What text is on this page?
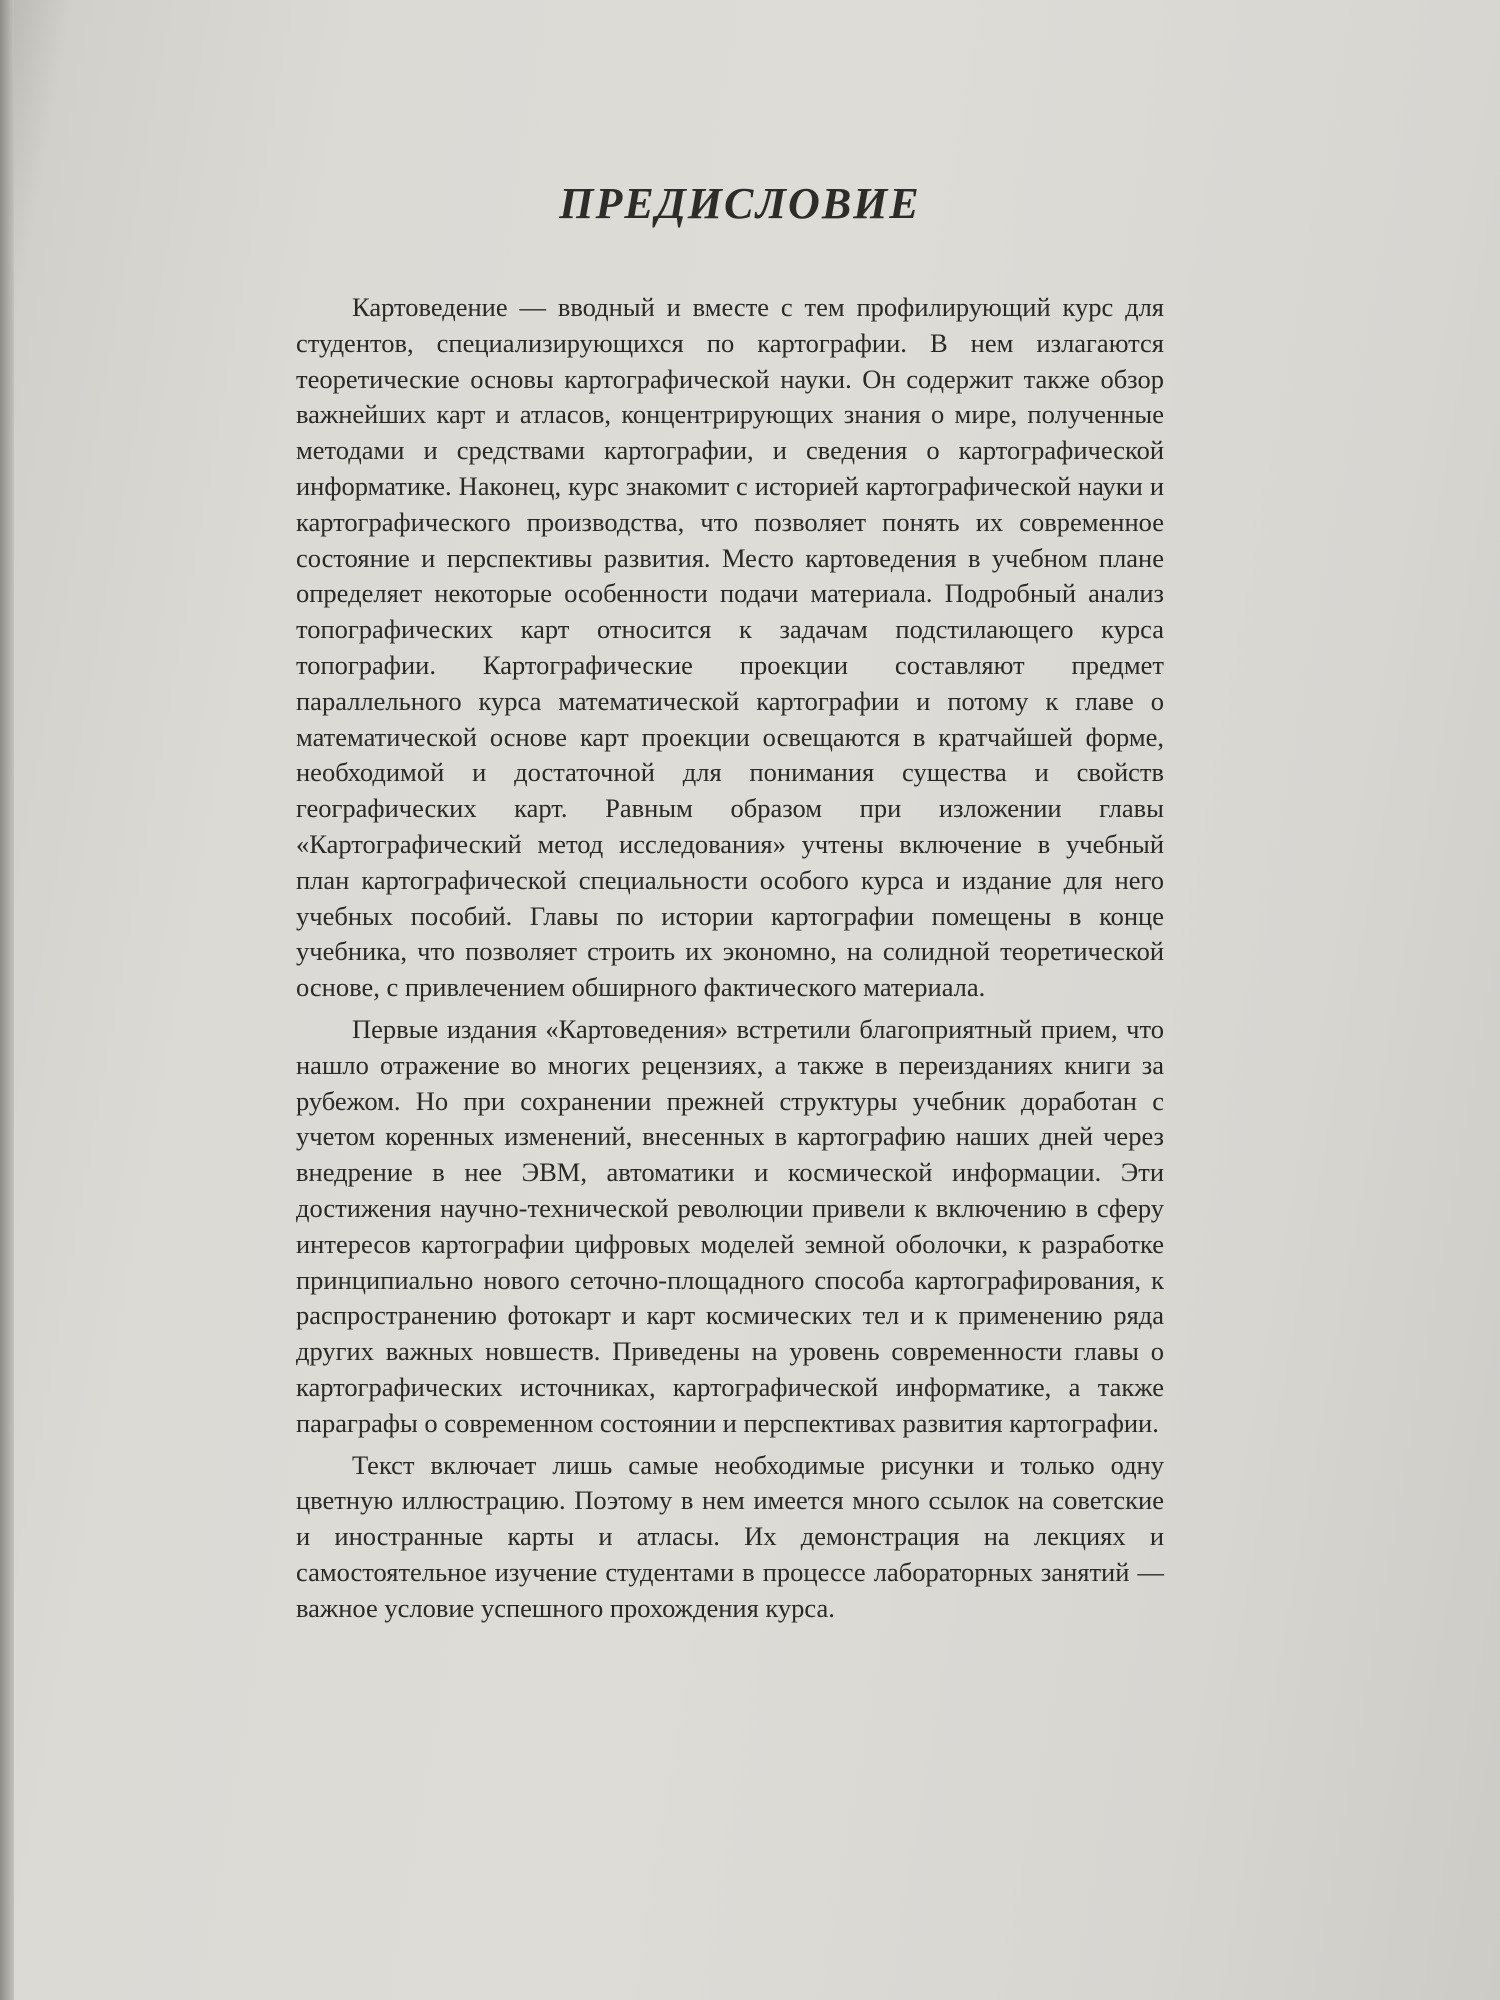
ПРЕДИСЛОВИЕ

Картоведение — вводный и вместе с тем профилирующий курс для студентов, специализирующихся по картографии. В нем излагаются теоретические основы картографической науки. Он содержит также обзор важнейших карт и атласов, концентрирующих знания о мире, полученные методами и средствами картографии, и сведения о картографической информатике. Наконец, курс знакомит с историей картографической науки и картографического производства, что позволяет понять их современное состояние и перспективы развития. Место картоведения в учебном плане определяет некоторые особенности подачи материала. Подробный анализ топографических карт относится к задачам подстилающего курса топографии. Картографические проекции составляют предмет параллельного курса математической картографии и потому к главе о математической основе карт проекции освещаются в кратчайшей форме, необходимой и достаточной для понимания существа и свойств географических карт. Равным образом при изложении главы «Картографический метод исследования» учтены включение в учебный план картографической специальности особого курса и издание для него учебных пособий. Главы по истории картографии помещены в конце учебника, что позволяет строить их экономно, на солидной теоретической основе, с привлечением обширного фактического материала.

Первые издания «Картоведения» встретили благоприятный прием, что нашло отражение во многих рецензиях, а также в переизданиях книги за рубежом. Но при сохранении прежней структуры учебник доработан с учетом коренных изменений, внесенных в картографию наших дней через внедрение в нее ЭВМ, автоматики и космической информации. Эти достижения научно-технической революции привели к включению в сферу интересов картографии цифровых моделей земной оболочки, к разработке принципиально нового сеточно-площадного способа картографирования, к распространению фотокарт и карт космических тел и к применению ряда других важных новшеств. Приведены на уровень современности главы о картографических источниках, картографической информатике, а также параграфы о современном состоянии и перспективах развития картографии.

Текст включает лишь самые необходимые рисунки и только одну цветную иллюстрацию. Поэтому в нем имеется много ссылок на советские и иностранные карты и атласы. Их демонстрация на лекциях и самостоятельное изучение студентами в процессе лабораторных занятий — важное условие успешного прохождения курса.
